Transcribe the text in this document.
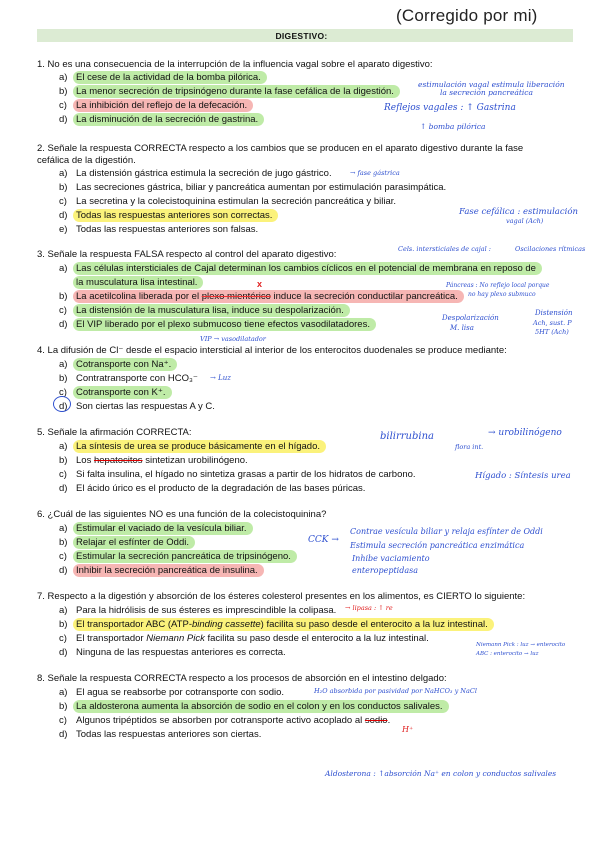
(Corregido por mi)
DIGESTIVO:
1. No es una consecuencia de la interrupción de la influencia vagal sobre el aparato digestivo:
a) El cese de la actividad de la bomba pilórica.
b) La menor secreción de tripsinógeno durante la fase cefálica de la digestión.
c) La inhibición del reflejo de la defecación.
d) La disminución de la secreción de gastrina.
estimulación vagal estimula liberación
la secreción pancreática
Reflejos vagales : ↑ Gastrina
↑ bomba pilórica
2. Señale la respuesta CORRECTA respecto a los cambios que se producen en el aparato digestivo durante la fase
cefálica de la digestión.
a) La distensión gástrica estimula la secreción de jugo gástrico.
b) Las secreciones gástrica, biliar y pancreática aumentan por estimulación parasimpática.
c) La secretina y la colecistoquinina estimulan la secreción pancreática y biliar.
d) Todas las respuestas anteriores son correctas.
e) Todas las respuestas anteriores son falsas.
→ fase gástrica
Fase cefálica : estimulación
vagal (Ach)
3. Señale la respuesta FALSA respecto al control del aparato digestivo:
a) Las células intersticiales de Cajal determinan los cambios cíclicos en el potencial de membrana en reposo de
la musculatura lisa intestinal.
b) La acetilcolina liberada por el plexo mientérico induce la secreción conductilar pancreática.
c) La distensión de la musculatura lisa, induce su despolarización.
d) El VIP liberado por el plexo submucoso tiene efectos vasodilatadores.
x
Cels. intersticiales de cajal :	Oscilaciones rítmicas
Páncreas : No reflejo local porque
no hay plexo submuco
Despolarización
M. lisa
Distensión
Ach, sust. P
5HT (Ach)
4. La difusión de Cl⁻ desde el espacio intersticial al interior de los enterocitos duodenales se produce mediante:
a) Cotransporte con Na⁺.
b) Contratransporte con HCO₃⁻
c) Cotransporte con K⁺.
d) Son ciertas las respuestas A y C.
VIP → vasodilatador
→ Luz
5. Señale la afirmación CORRECTA:
a) La síntesis de urea se produce básicamente en el hígado.
b) Los hepatocitos sintetizan urobilinógeno.
c) Si falta insulina, el hígado no sintetiza grasas a partir de los hidratos de carbono.
d) El ácido úrico es el producto de la degradación de las bases púricas.
bilirrubina	→ urobilinógeno
flora int.
Hígado : Síntesis urea
6. ¿Cuál de las siguientes NO es una función de la colecistoquinina?
a) Estimular el vaciado de la vesícula biliar.
b) Relajar el esfínter de Oddi.
c) Estimular la secreción pancreática de tripsinógeno.
d) Inhibir la secreción pancreática de insulina.
CCK →
Contrae vesícula biliar y relaja esfínter de Oddi
Estimula secreción pancreática enzimática
Inhibe vaciamiento
enteropeptidasa
7. Respecto a la digestión y absorción de los ésteres colesterol presentes en los alimentos, es CIERTO lo siguiente:
a) Para la hidrólisis de sus ésteres es imprescindible la colipasa.
b) El transportador ABC (ATP-binding cassette) facilita su paso desde el enterocito a la luz intestinal.
c) El transportador Niemann Pick facilita su paso desde el enterocito a la luz intestinal.
d) Ninguna de las respuestas anteriores es correcta.
→ lipasa : ↑ re
Niemann Pick : luz → enterocito
ABC : enterocito → luz
8. Señale la respuesta CORRECTA respecto a los procesos de absorción en el intestino delgado:
a) El agua se reabsorbe por cotransporte con sodio.
b) La aldosterona aumenta la absorción de sodio en el colon y en los conductos salivales.
c) Algunos tripéptidos se absorben por cotransporte activo acoplado al sodio.
d) Todas las respuestas anteriores son ciertas.
H₂O absorbida por pasividad por NaHCO₃ y NaCl
H⁺
Aldosterona : ↑absorción Na⁺ en colon y conductos salivales
